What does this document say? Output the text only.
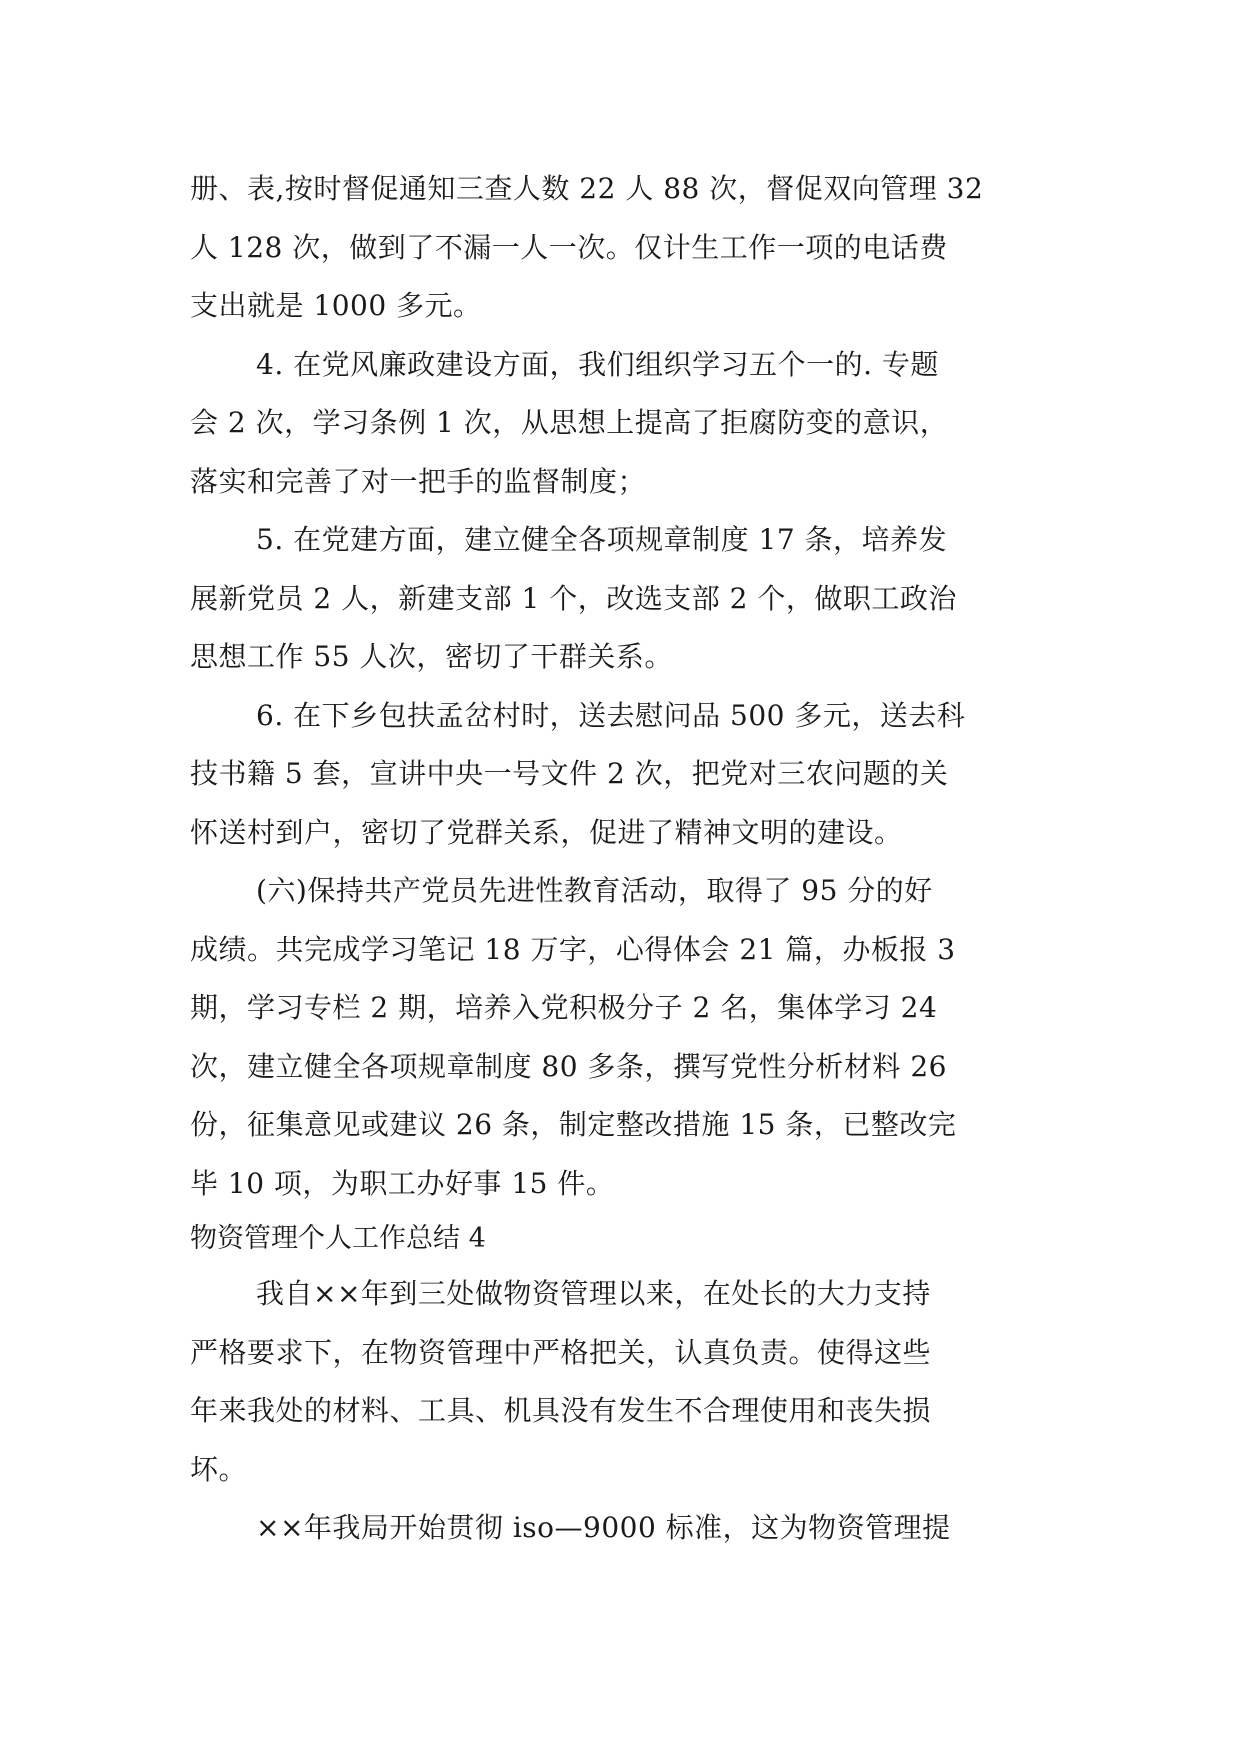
册、表,按时督促通知三查人数 22 人 88 次，督促双向管理 32
人 128 次，做到了不漏一人一次。仅计生工作一项的电话费
支出就是 1000 多元。
4. 在党风廉政建设方面，我们组织学习五个一的. 专题
会 2 次，学习条例 1 次，从思想上提高了拒腐防变的意识，
落实和完善了对一把手的监督制度；
5. 在党建方面，建立健全各项规章制度 17 条，培养发
展新党员 2 人，新建支部 1 个，改选支部 2 个，做职工政治
思想工作 55 人次，密切了干群关系。
6. 在下乡包扶孟岔村时，送去慰问品 500 多元，送去科
技书籍 5 套，宣讲中央一号文件 2 次，把党对三农问题的关
怀送村到户，密切了党群关系，促进了精神文明的建设。
(六)保持共产党员先进性教育活动，取得了 95 分的好
成绩。共完成学习笔记 18 万字，心得体会 21 篇，办板报 3
期，学习专栏 2 期，培养入党积极分子 2 名，集体学习 24
次，建立健全各项规章制度 80 多条，撰写党性分析材料 26
份，征集意见或建议 26 条，制定整改措施 15 条，已整改完
毕 10 项，为职工办好事 15 件。
物资管理个人工作总结 4
我自××年到三处做物资管理以来，在处长的大力支持
严格要求下，在物资管理中严格把关，认真负责。使得这些
年来我处的材料、工具、机具没有发生不合理使用和丧失损
坏。
××年我局开始贯彻 iso—9000 标准，这为物资管理提
